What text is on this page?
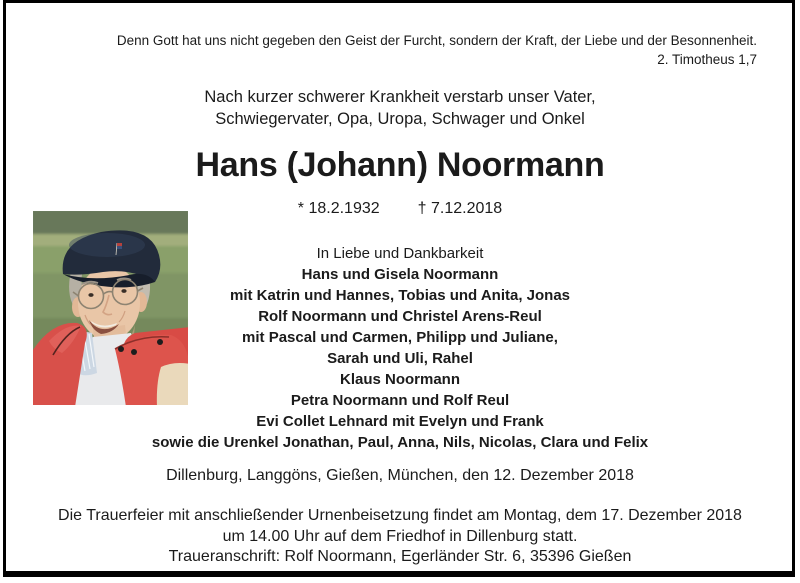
Denn Gott hat uns nicht gegeben den Geist der Furcht, sondern der Kraft, der Liebe und der Besonnenheit.
2. Timotheus 1,7
Nach kurzer schwerer Krankheit verstarb unser Vater,
Schwiegervater, Opa, Uropa, Schwager und Onkel
Hans (Johann) Noormann
* 18.2.1932 † 7.12.2018
In Liebe und Dankbarkeit
Hans und Gisela Noormann
mit Katrin und Hannes, Tobias und Anita, Jonas
Rolf Noormann und Christel Arens-Reul
mit Pascal und Carmen, Philipp und Juliane,
Sarah und Uli, Rahel
Klaus Noormann
Petra Noormann und Rolf Reul
Evi Collet Lehnard mit Evelyn und Frank
sowie die Urenkel Jonathan, Paul, Anna, Nils, Nicolas, Clara und Felix
Dillenburg, Langgöns, Gießen, München, den 12. Dezember 2018
Die Trauerfeier mit anschließender Urnenbeisetzung findet am Montag, dem 17. Dezember 2018
um 14.00 Uhr auf dem Friedhof in Dillenburg statt.
Traueranschrift: Rolf Noormann, Egerländer Str. 6, 35396 Gießen
